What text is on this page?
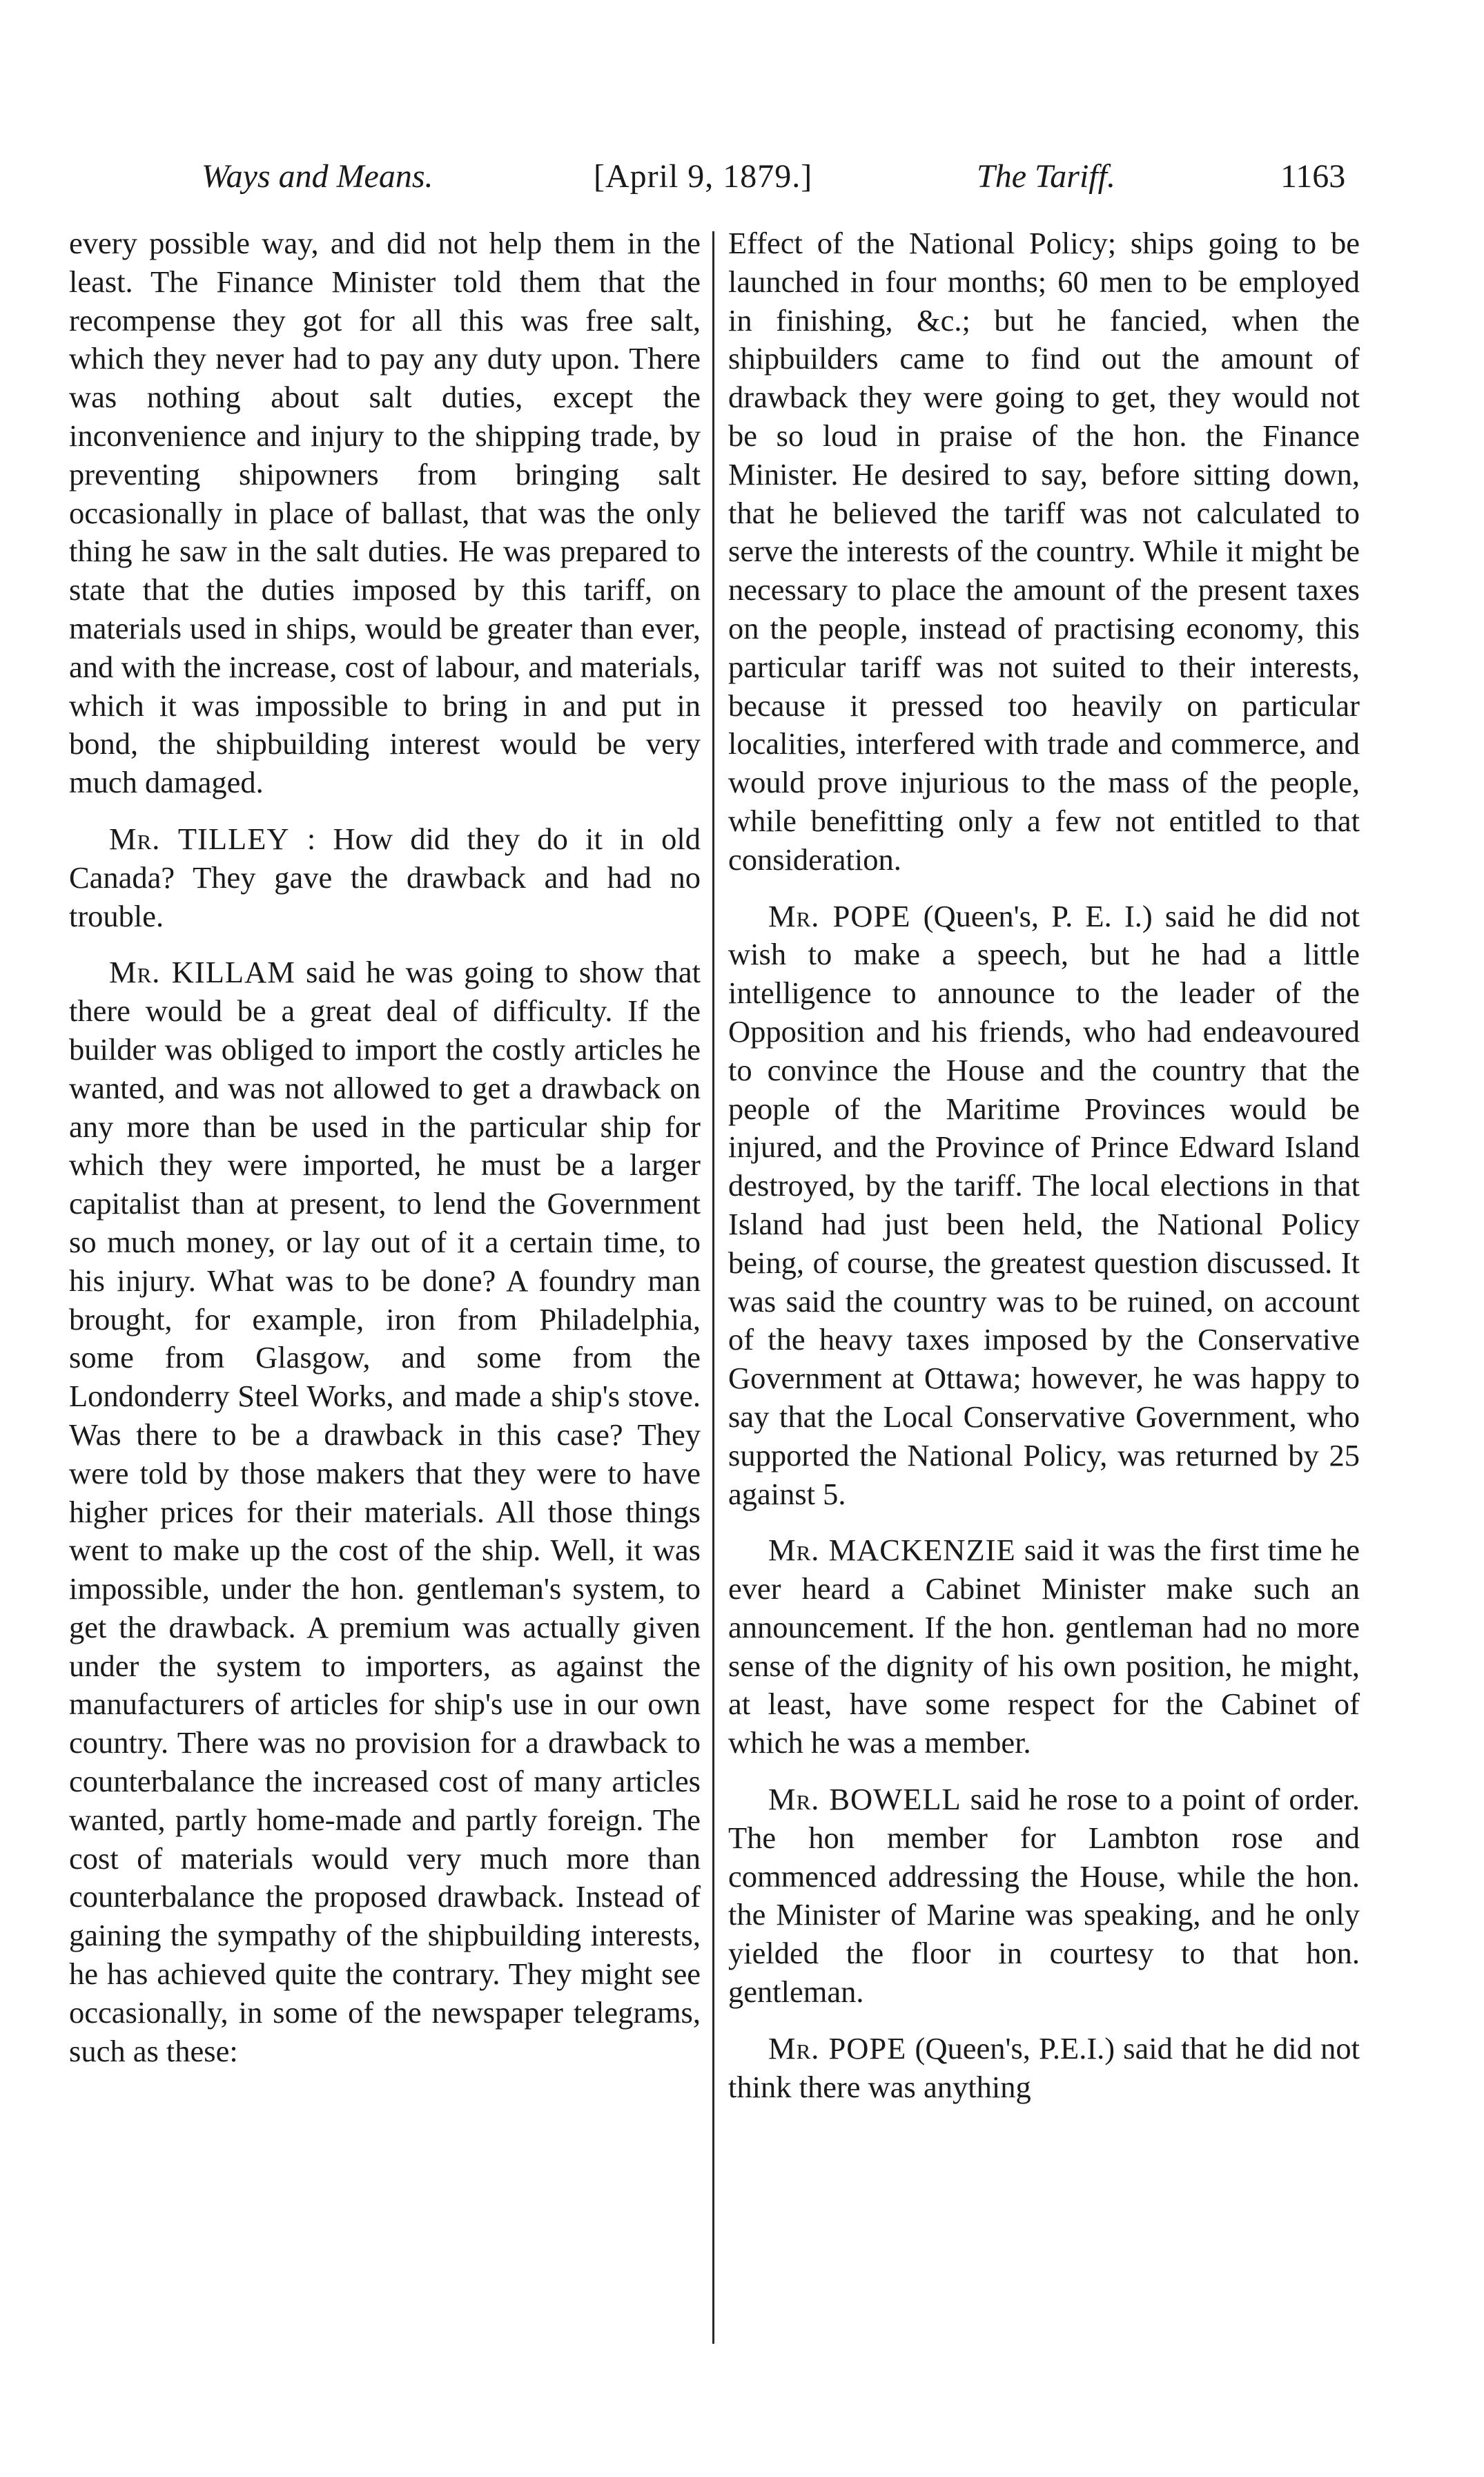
Ways and Means.	[April 9, 1879.]	The Tariff.	1163

every possible way, and did not help them in the least. The Finance Minister told them that the recompense they got for all this was free salt, which they never had to pay any duty upon. There was nothing about salt duties, except the inconvenience and injury to the shipping trade, by preventing shipowners from bringing salt occasionally in place of ballast, that was the only thing he saw in the salt duties. He was prepared to state that the duties imposed by this tariff, on materials used in ships, would be greater than ever, and with the increase, cost of labour, and materials, which it was impossible to bring in and put in bond, the shipbuilding interest would be very much damaged.

Mr. TILLEY : How did they do it in old Canada? They gave the drawback and had no trouble.

Mr. KILLAM said he was going to show that there would be a great deal of difficulty. If the builder was obliged to import the costly articles he wanted, and was not allowed to get a drawback on any more than be used in the particular ship for which they were imported, he must be a larger capitalist than at present, to lend the Government so much money, or lay out of it a certain time, to his injury. What was to be done? A foundry man brought, for example, iron from Philadelphia, some from Glasgow, and some from the Londonderry Steel Works, and made a ship's stove. Was there to be a drawback in this case? They were told by those makers that they were to have higher prices for their materials. All those things went to make up the cost of the ship. Well, it was impossible, under the hon. gentleman's system, to get the drawback. A premium was actually given under the system to importers, as against the manufacturers of articles for ship's use in our own country. There was no provision for a drawback to counterbalance the increased cost of many articles wanted, partly home-made and partly foreign. The cost of materials would very much more than counterbalance the proposed drawback. Instead of gaining the sympathy of the shipbuilding interests, he has achieved quite the contrary. They might see occasionally, in some of the newspaper telegrams, such as these:

Effect of the National Policy; ships going to be launched in four months; 60 men to be employed in finishing, &c.; but he fancied, when the shipbuilders came to find out the amount of drawback they were going to get, they would not be so loud in praise of the hon. the Finance Minister. He desired to say, before sitting down, that he believed the tariff was not calculated to serve the interests of the country. While it might be necessary to place the amount of the present taxes on the people, instead of practising economy, this particular tariff was not suited to their interests, because it pressed too heavily on particular localities, interfered with trade and commerce, and would prove injurious to the mass of the people, while benefitting only a few not entitled to that consideration.

Mr. POPE (Queen's, P. E. I.) said he did not wish to make a speech, but he had a little intelligence to announce to the leader of the Opposition and his friends, who had endeavoured to convince the House and the country that the people of the Maritime Provinces would be injured, and the Province of Prince Edward Island destroyed, by the tariff. The local elections in that Island had just been held, the National Policy being, of course, the greatest question discussed. It was said the country was to be ruined, on account of the heavy taxes imposed by the Conservative Government at Ottawa; however, he was happy to say that the Local Conservative Government, who supported the National Policy, was returned by 25 against 5.

Mr. MACKENZIE said it was the first time he ever heard a Cabinet Minister make such an announcement. If the hon. gentleman had no more sense of the dignity of his own position, he might, at least, have some respect for the Cabinet of which he was a member.

Mr. BOWELL said he rose to a point of order. The hon member for Lambton rose and commenced addressing the House, while the hon. the Minister of Marine was speaking, and he only yielded the floor in courtesy to that hon. gentleman.

Mr. POPE (Queen's, P.E.I.) said that he did not think there was anything
